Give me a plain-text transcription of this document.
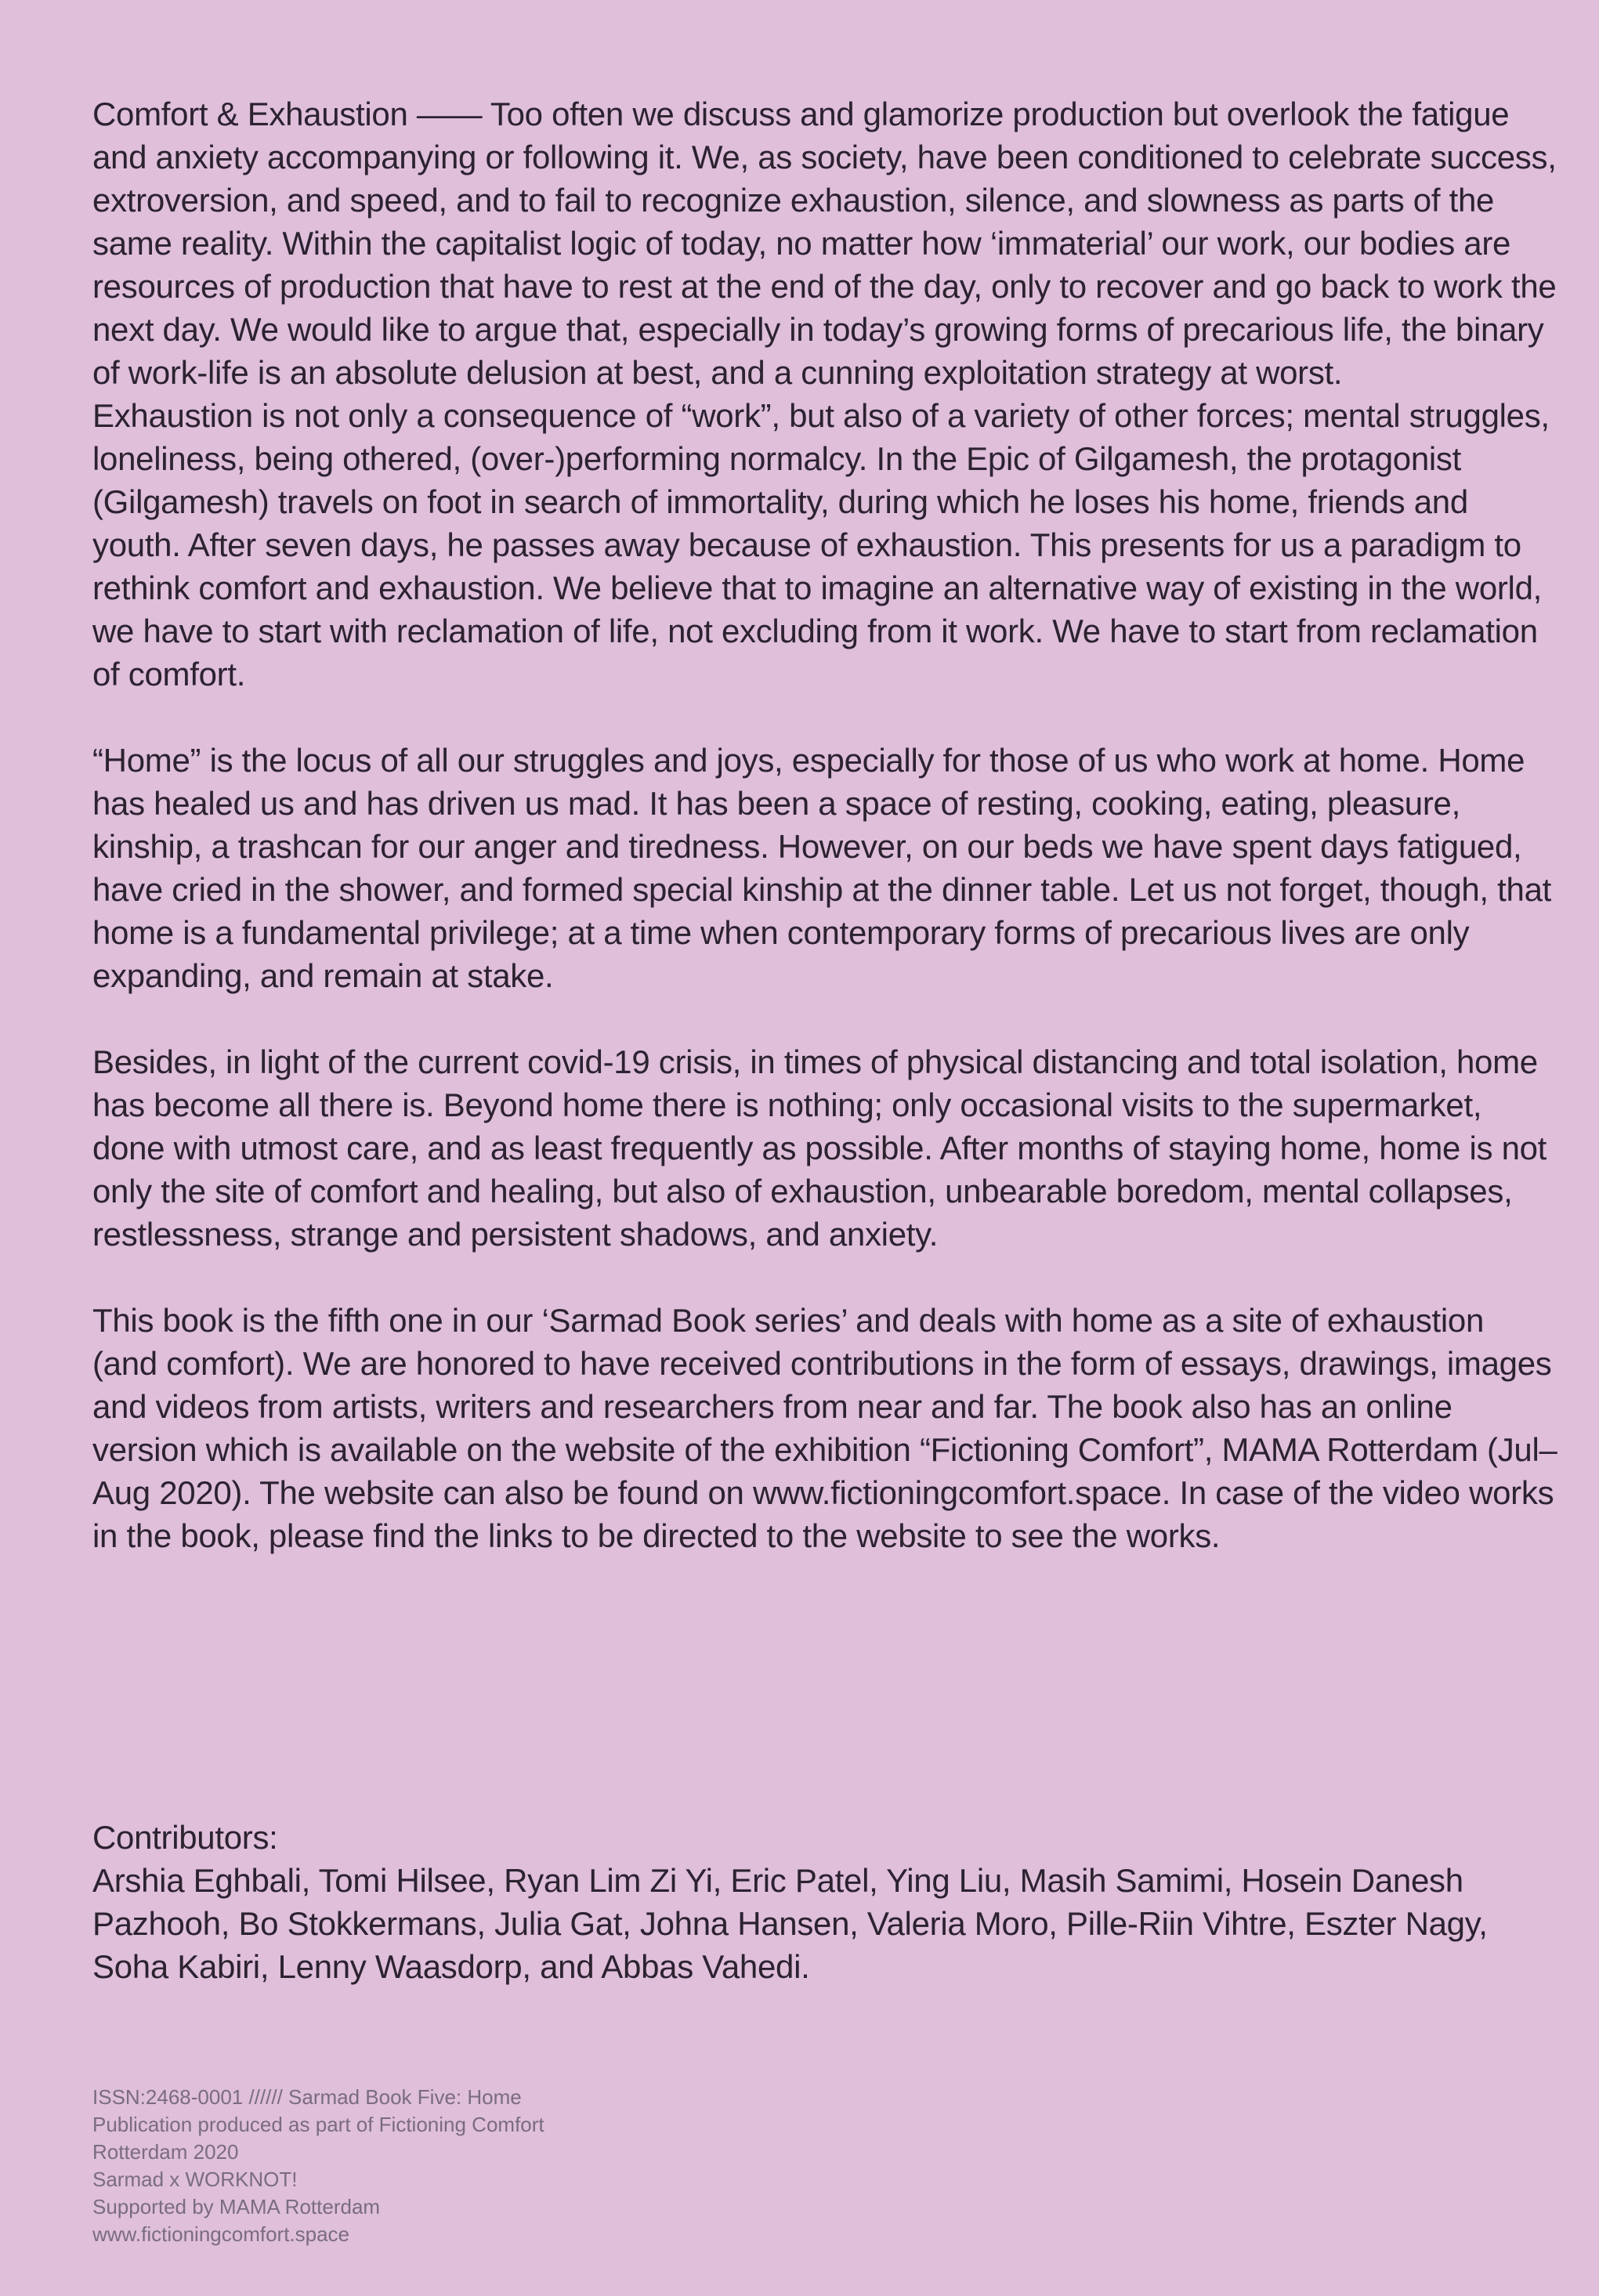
Comfort & Exhaustion —— Too often we discuss and glamorize production but overlook the fatigue and anxiety accompanying or following it. We, as society, have been conditioned to celebrate success, extroversion, and speed, and to fail to recognize exhaustion, silence, and slowness as parts of the same reality. Within the capitalist logic of today, no matter how ‘immaterial’ our work, our bodies are resources of production that have to rest at the end of the day, only to recover and go back to work the next day. We would like to argue that, especially in today’s growing forms of precarious life, the binary of work-life is an absolute delusion at best, and a cunning exploitation strategy at worst.

Exhaustion is not only a consequence of “work”, but also of a variety of other forces; mental struggles, loneliness, being othered, (over-)performing normalcy. In the Epic of Gilgamesh, the protagonist (Gilgamesh) travels on foot in search of immortality, during which he loses his home, friends and youth. After seven days, he passes away because of exhaustion. This presents for us a paradigm to rethink comfort and exhaustion. We believe that to imagine an alternative way of existing in the world, we have to start with reclamation of life, not excluding from it work. We have to start from reclamation of comfort.

“Home” is the locus of all our struggles and joys, especially for those of us who work at home. Home has healed us and has driven us mad. It has been a space of resting, cooking, eating, pleasure, kinship, a trashcan for our anger and tiredness. However, on our beds we have spent days fatigued, have cried in the shower, and formed special kinship at the dinner table. Let us not forget, though, that home is a fundamental privilege; at a time when contemporary forms of precarious lives are only expanding, and remain at stake.

Besides, in light of the current covid-19 crisis, in times of physical distancing and total isolation, home has become all there is. Beyond home there is nothing; only occasional visits to the supermarket, done with utmost care, and as least frequently as possible. After months of staying home, home is not only the site of comfort and healing, but also of exhaustion, unbearable boredom, mental collapses, restlessness, strange and persistent shadows, and anxiety.

This book is the fifth one in our ‘Sarmad Book series’ and deals with home as a site of exhaustion (and comfort). We are honored to have received contributions in the form of essays, drawings, images and videos from artists, writers and researchers from near and far. The book also has an online version which is available on the website of the exhibition “Fictioning Comfort”, MAMA Rotterdam (Jul–Aug 2020). The website can also be found on www.fictioningcomfort.space. In case of the video works in the book, please find the links to be directed to the website to see the works.

Contributors:

Arshia Eghbali, Tomi Hilsee, Ryan Lim Zi Yi, Eric Patel, Ying Liu, Masih Samimi, Hosein Danesh Pazhooh, Bo Stokkermans, Julia Gat, Johna Hansen, Valeria Moro, Pille-Riin Vihtre, Eszter Nagy, Soha Kabiri, Lenny Waasdorp, and Abbas Vahedi.

ISSN:2468-0001 ////// Sarmad Book Five: Home
Publication produced as part of Fictioning Comfort
Rotterdam 2020
Sarmad x WORKNOT!
Supported by MAMA Rotterdam
www.fictioningcomfort.space
